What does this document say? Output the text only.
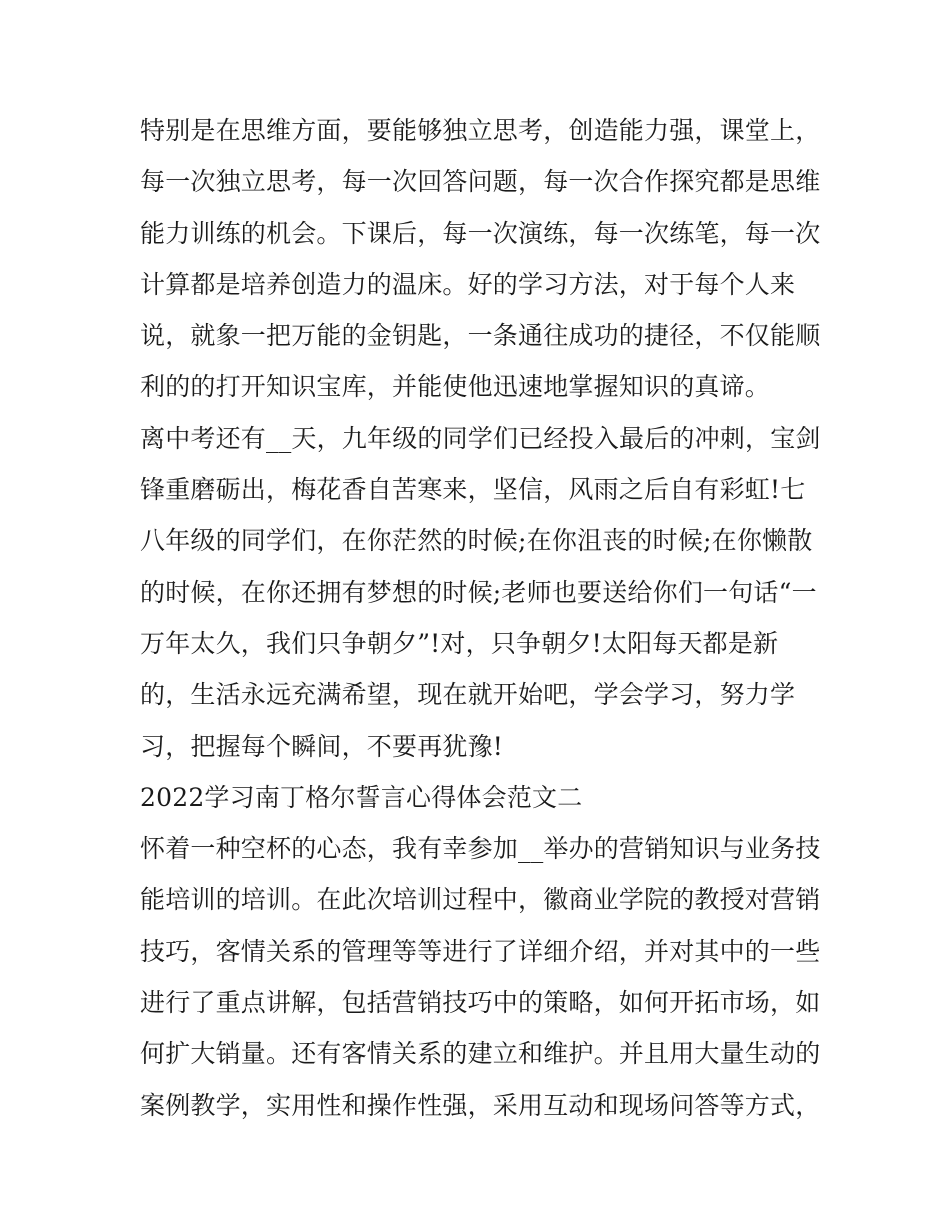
特别是在思维方面，要能够独立思考，创造能力强，课堂上，
每一次独立思考，每一次回答问题，每一次合作探究都是思维
能力训练的机会。下课后，每一次演练，每一次练笔，每一次
计算都是培养创造力的温床。好的学习方法，对于每个人来
说，就象一把万能的金钥匙，一条通往成功的捷径，不仅能顺
利的的打开知识宝库，并能使他迅速地掌握知识的真谛。
离中考还有__天，九年级的同学们已经投入最后的冲刺，宝剑
锋重磨砺出，梅花香自苦寒来，坚信，风雨之后自有彩虹!七
八年级的同学们，在你茫然的时候;在你沮丧的时候;在你懒散
的时候，在你还拥有梦想的时候;老师也要送给你们一句话“一
万年太久，我们只争朝夕”!对，只争朝夕!太阳每天都是新
的，生活永远充满希望，现在就开始吧，学会学习，努力学
习，把握每个瞬间，不要再犹豫!
2022学习南丁格尔誓言心得体会范文二
怀着一种空杯的心态，我有幸参加__举办的营销知识与业务技
能培训的培训。在此次培训过程中，徽商业学院的教授对营销
技巧，客情关系的管理等等进行了详细介绍，并对其中的一些
进行了重点讲解，包括营销技巧中的策略，如何开拓市场，如
何扩大销量。还有客情关系的建立和维护。并且用大量生动的
案例教学，实用性和操作性强，采用互动和现场问答等方式，
